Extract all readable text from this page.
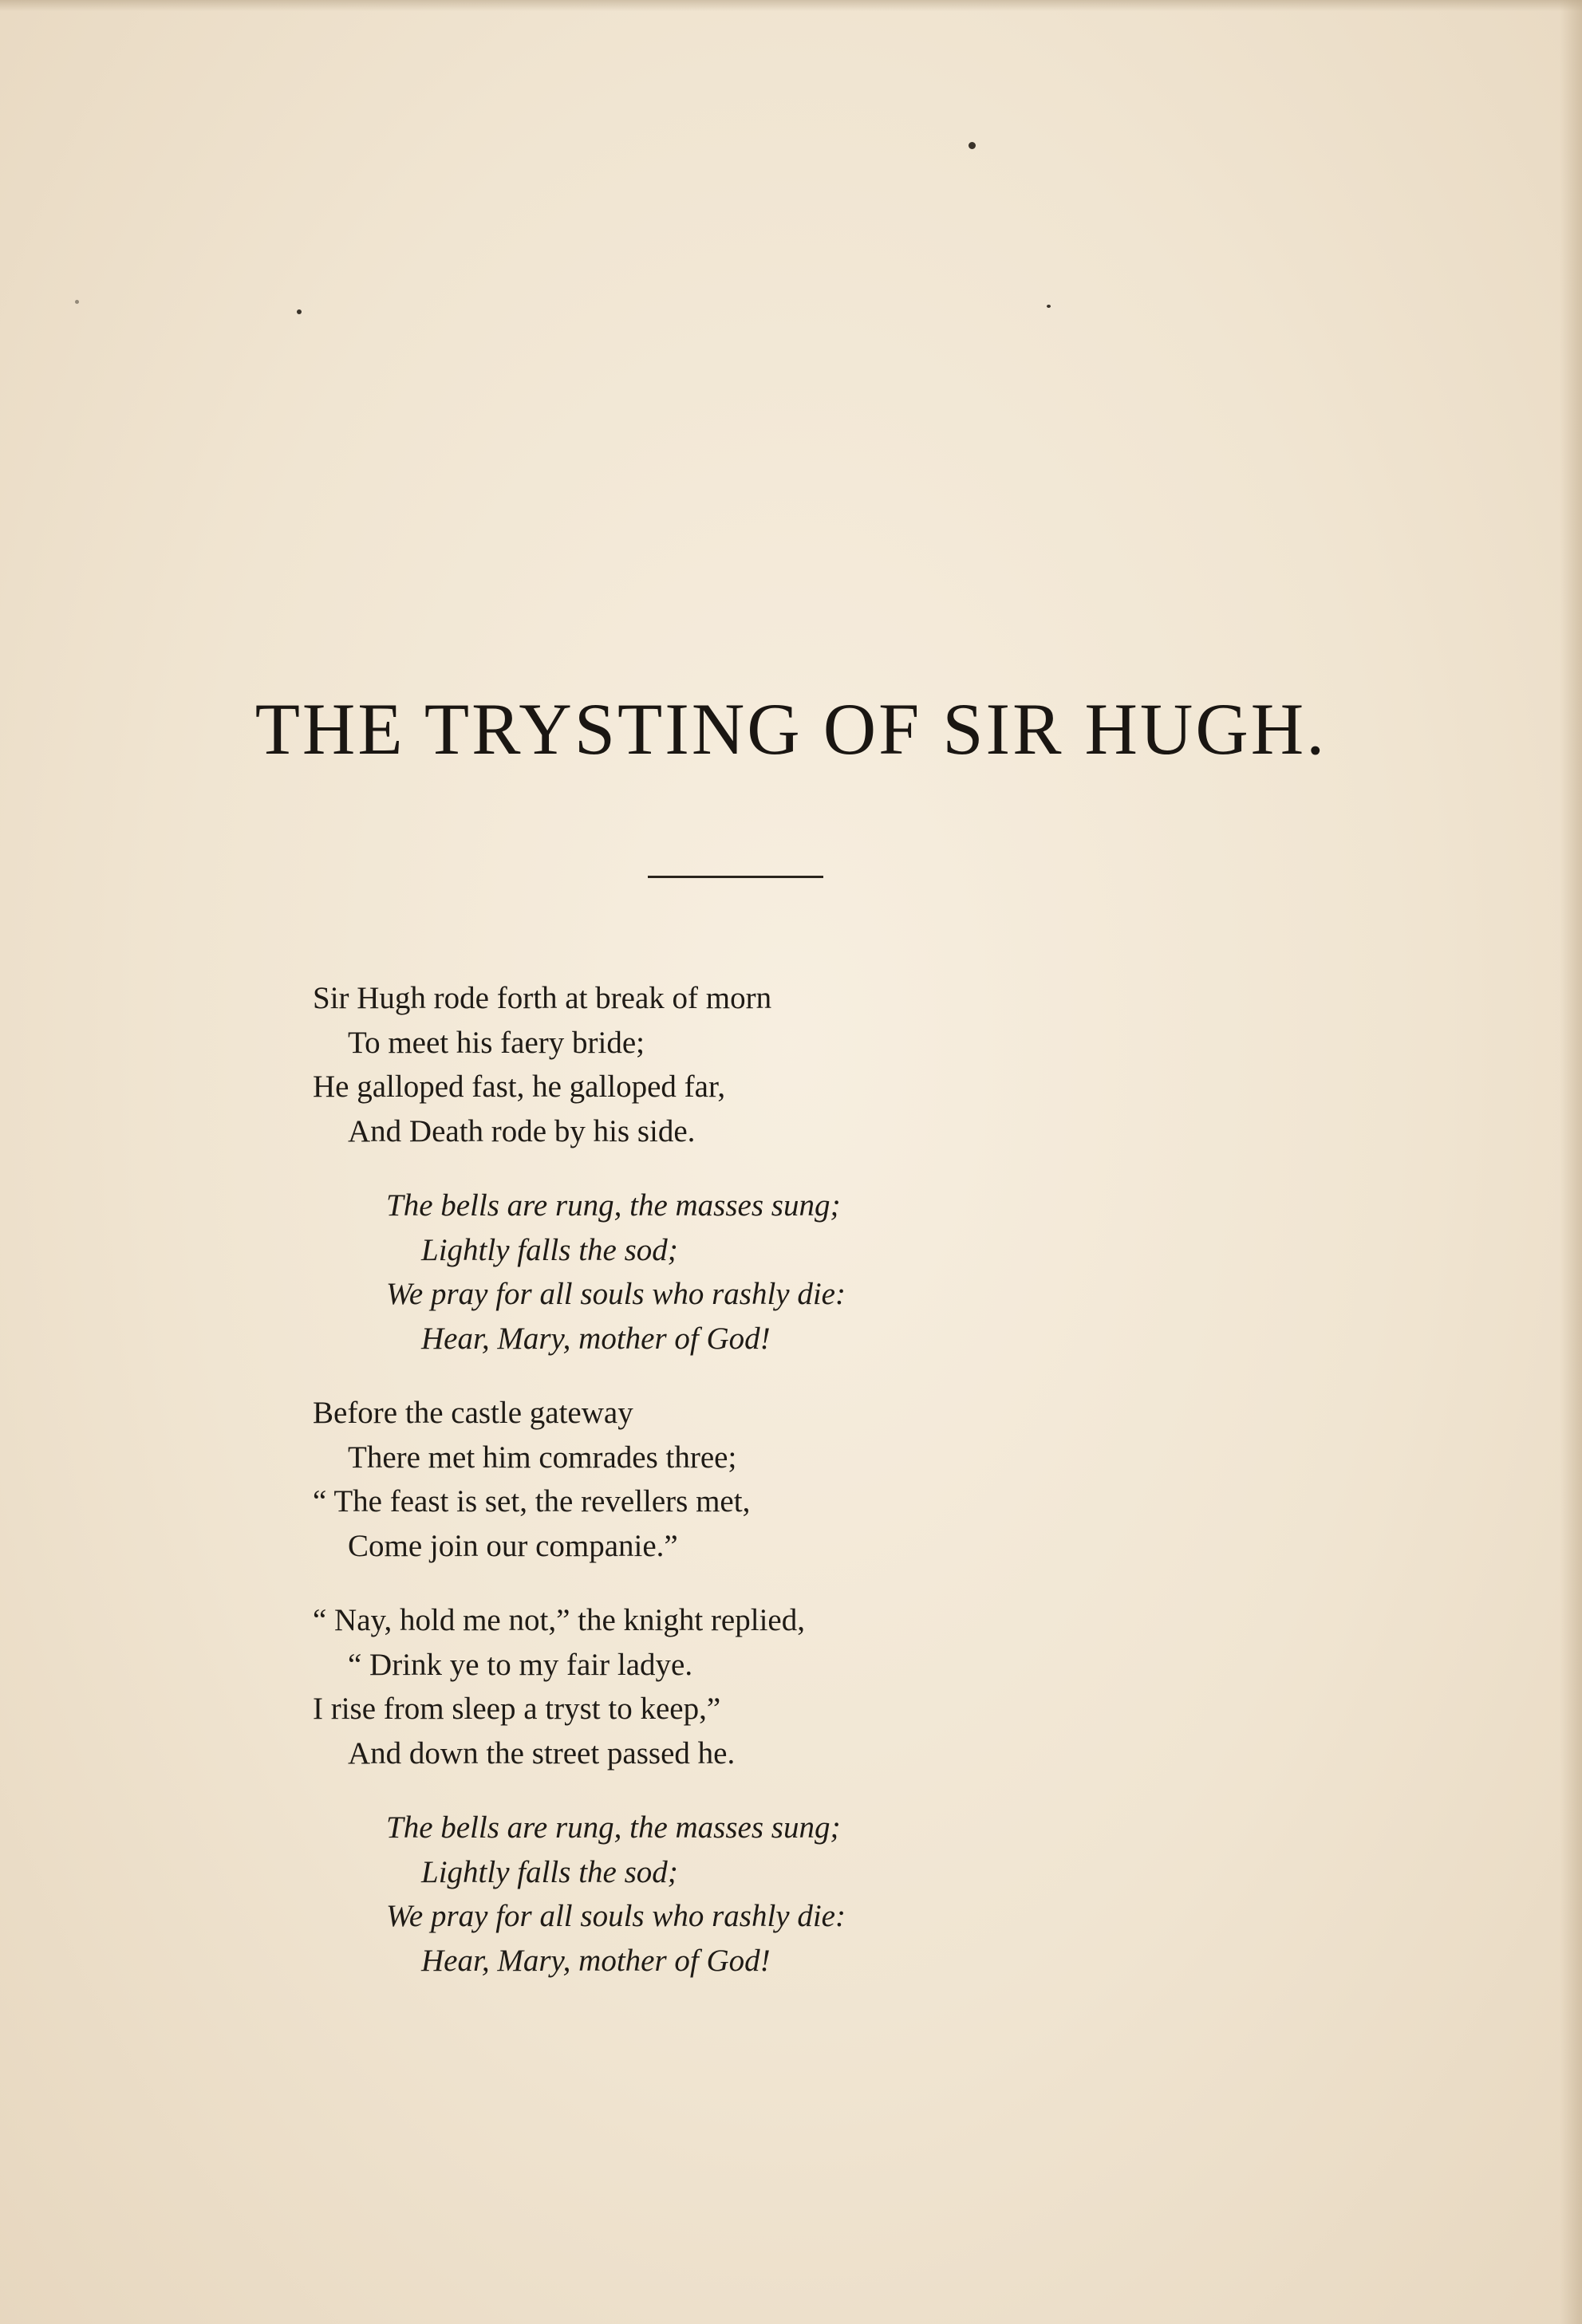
THE TRYSTING OF SIR HUGH.
Sir Hugh rode forth at break of morn
To meet his faery bride;
He galloped fast, he galloped far,
And Death rode by his side.
The bells are rung, the masses sung;
Lightly falls the sod;
We pray for all souls who rashly die:
Hear, Mary, mother of God!
Before the castle gateway
There met him comrades three;
“ The feast is set, the revellers met,
Come join our companie.”
“ Nay, hold me not,” the knight replied,
“ Drink ye to my fair ladye.
I rise from sleep a tryst to keep,”
And down the street passed he.
The bells are rung, the masses sung;
Lightly falls the sod;
We pray for all souls who rashly die:
Hear, Mary, mother of God!
